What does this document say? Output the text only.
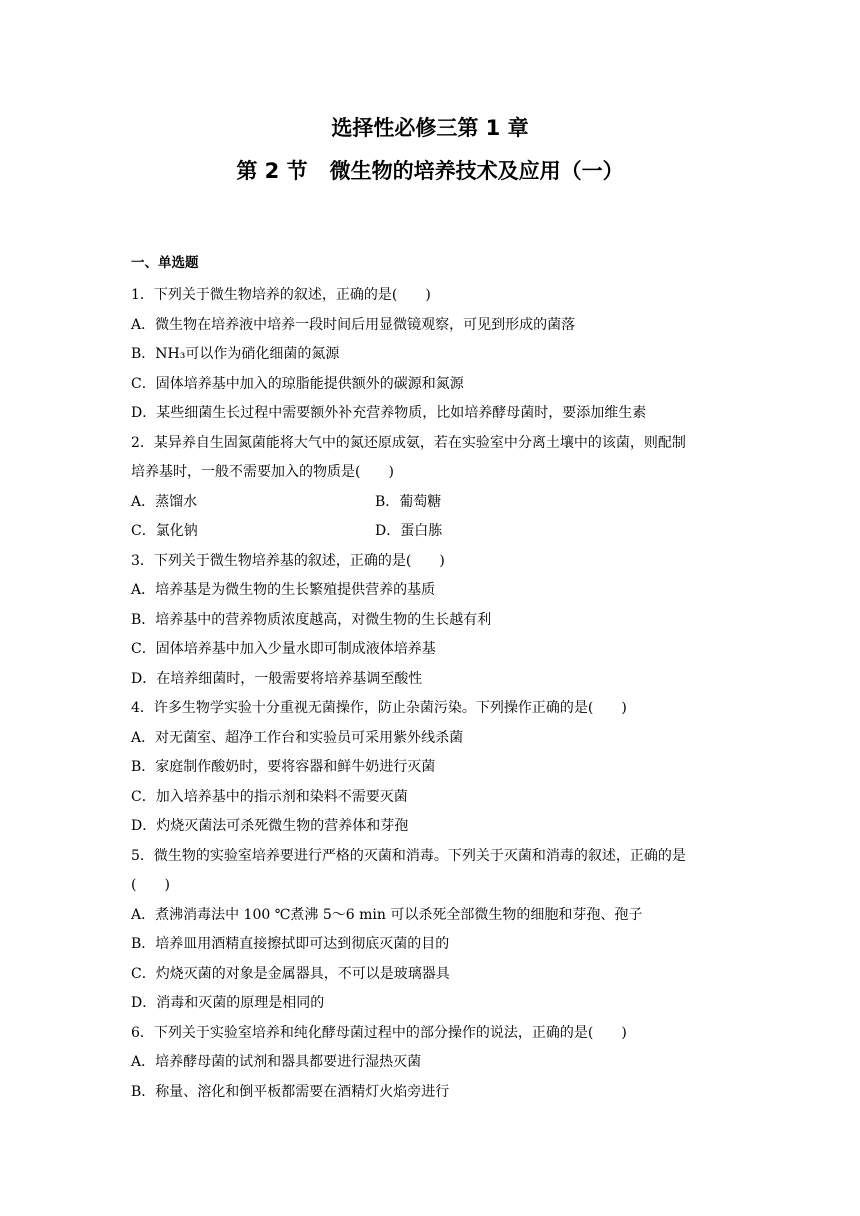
选择性必修三第 1 章
第 2 节 微生物的培养技术及应用（一）
一、单选题
1．下列关于微生物培养的叙述，正确的是(　　)
A．微生物在培养液中培养一段时间后用显微镜观察，可见到形成的菌落
B．NH₃可以作为硝化细菌的氮源
C．固体培养基中加入的琼脂能提供额外的碳源和氮源
D．某些细菌生长过程中需要额外补充营养物质，比如培养酵母菌时，要添加维生素
2．某异养自生固氮菌能将大气中的氮还原成氨，若在实验室中分离土壤中的该菌，则配制
培养基时，一般不需要加入的物质是(　　)
A．蒸馏水	B．葡萄糖
C．氯化钠	D．蛋白胨
3．下列关于微生物培养基的叙述，正确的是(　　)
A．培养基是为微生物的生长繁殖提供营养的基质
B．培养基中的营养物质浓度越高，对微生物的生长越有利
C．固体培养基中加入少量水即可制成液体培养基
D．在培养细菌时，一般需要将培养基调至酸性
4．许多生物学实验十分重视无菌操作，防止杂菌污染。下列操作正确的是(　　)
A．对无菌室、超净工作台和实验员可采用紫外线杀菌
B．家庭制作酸奶时，要将容器和鲜牛奶进行灭菌
C．加入培养基中的指示剂和染料不需要灭菌
D．灼烧灭菌法可杀死微生物的营养体和芽孢
5．微生物的实验室培养要进行严格的灭菌和消毒。下列关于灭菌和消毒的叙述，正确的是
(　　)
A．煮沸消毒法中 100 ℃煮沸 5～6 min 可以杀死全部微生物的细胞和芽孢、孢子
B．培养皿用酒精直接擦拭即可达到彻底灭菌的目的
C．灼烧灭菌的对象是金属器具，不可以是玻璃器具
D．消毒和灭菌的原理是相同的
6．下列关于实验室培养和纯化酵母菌过程中的部分操作的说法，正确的是(　　)
A．培养酵母菌的试剂和器具都要进行湿热灭菌
B．称量、溶化和倒平板都需要在酒精灯火焰旁进行
